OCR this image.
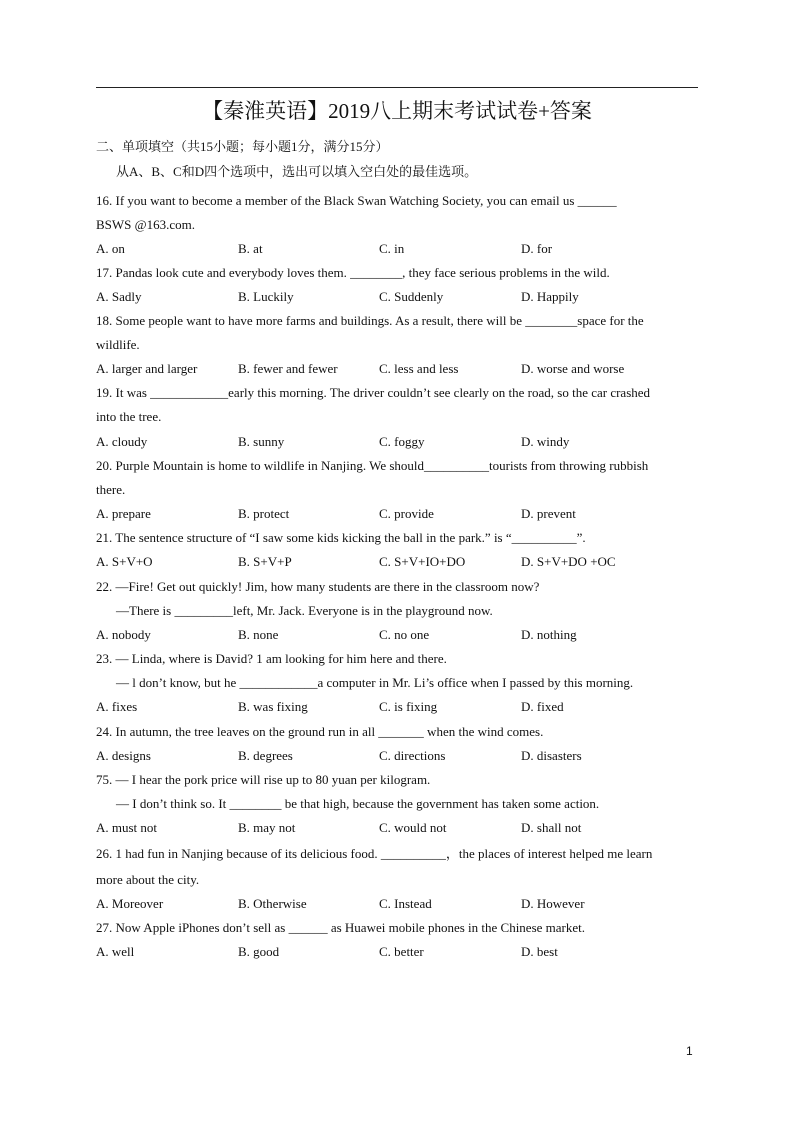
【秦淮英语】2019八上期末考试试卷+答案
二、单项填空（共15小题；每小题1分，满分15分）
从A、B、C和D四个选项中，选出可以填入空白处的最佳选项。
16. If you want to become a member of the Black Swan Watching Society, you can email us ______
BSWS @163.com.
A. on	B. at	C. in	D. for
17. Pandas look cute and everybody loves them. ________, they face serious problems in the wild.
A. Sadly	B. Luckily	C. Suddenly	D. Happily
18. Some people want to have more farms and buildings. As a result, there will be ________space for the
wildlife.
A. larger and larger	B. fewer and fewer	C. less and less	D. worse and worse
19. It was ____________early this morning. The driver couldn’t see clearly on the road, so the car crashed
into the tree.
A. cloudy	B. sunny	C. foggy	D. windy
20. Purple Mountain is home to wildlife in Nanjing. We should__________tourists from throwing rubbish
there.
A. prepare	B. protect	C. provide	D. prevent
21. The sentence structure of “I saw some kids kicking the ball in the park.” is “__________”.
A. S+V+O	B. S+V+P	C. S+V+IO+DO	D. S+V+DO +OC
22. —Fire! Get out quickly! Jim, how many students are there in the classroom now?
—There is _________left, Mr. Jack. Everyone is in the playground now.
A. nobody	B. none	C. no one	D. nothing
23. — Linda, where is David? 1 am looking for him here and there.
— l don’t know, but he ____________a computer in Mr. Li’s office when I passed by this morning.
A. fixes	B. was fixing	C. is fixing	D. fixed
24. In autumn, the tree leaves on the ground run in all _______ when the wind comes.
A. designs	B. degrees	C. directions	D. disasters
75. — I hear the pork price will rise up to 80 yuan per kilogram.
— I don’t think so. It ________ be that high, because the government has taken some action.
A. must not	B. may not	C. would not	D. shall not
26. 1 had fun in Nanjing because of its delicious food. __________，the places of interest helped me learn
more about the city.
A. Moreover	B. Otherwise	C. Instead	D. However
27. Now Apple iPhones don’t sell as ______ as Huawei mobile phones in the Chinese market.
A. well	B. good	C. better	D. best
1
